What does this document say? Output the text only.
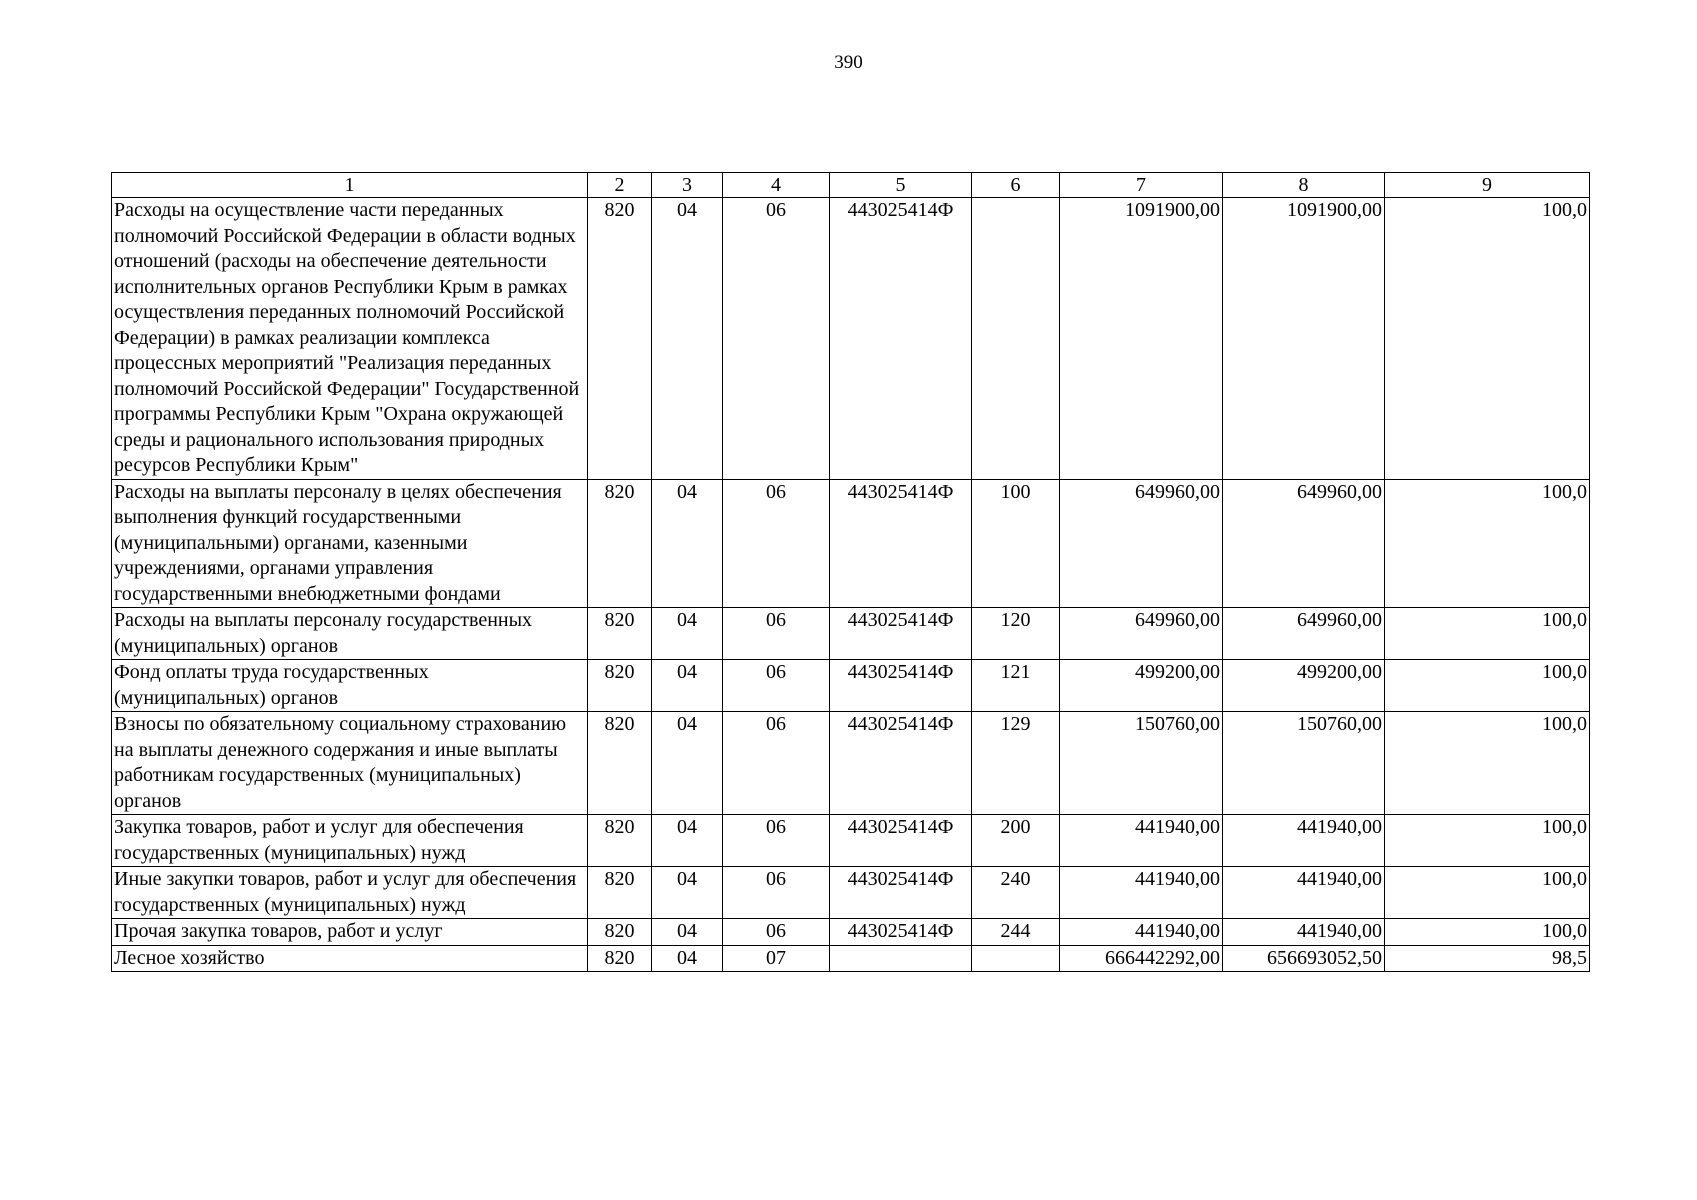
390
1	2	3	4	5	6	7	8	9
Расходы на осуществление части переданных полномочий Российской Федерации в области водных отношений (расходы на обеспечение деятельности исполнительных органов Республики Крым в рамках осуществления переданных полномочий Российской Федерации) в рамках реализации комплекса процессных мероприятий "Реализация переданных полномочий Российской Федерации" Государственной программы Республики Крым "Охрана окружающей среды и рационального использования природных ресурсов Республики Крым"	820	04	06	443025414Ф		1091900,00	1091900,00	100,0
Расходы на выплаты персоналу в целях обеспечения выполнения функций государственными (муниципальными) органами, казенными учреждениями, органами управления государственными внебюджетными фондами	820	04	06	443025414Ф	100	649960,00	649960,00	100,0
Расходы на выплаты персоналу государственных (муниципальных) органов	820	04	06	443025414Ф	120	649960,00	649960,00	100,0
Фонд оплаты труда государственных (муниципальных) органов	820	04	06	443025414Ф	121	499200,00	499200,00	100,0
Взносы по обязательному социальному страхованию на выплаты денежного содержания и иные выплаты работникам государственных (муниципальных) органов	820	04	06	443025414Ф	129	150760,00	150760,00	100,0
Закупка товаров, работ и услуг для обеспечения государственных (муниципальных) нужд	820	04	06	443025414Ф	200	441940,00	441940,00	100,0
Иные закупки товаров, работ и услуг для обеспечения государственных (муниципальных) нужд	820	04	06	443025414Ф	240	441940,00	441940,00	100,0
Прочая закупка товаров, работ и услуг	820	04	06	443025414Ф	244	441940,00	441940,00	100,0
Лесное хозяйство	820	04	07			666442292,00	656693052,50	98,5
